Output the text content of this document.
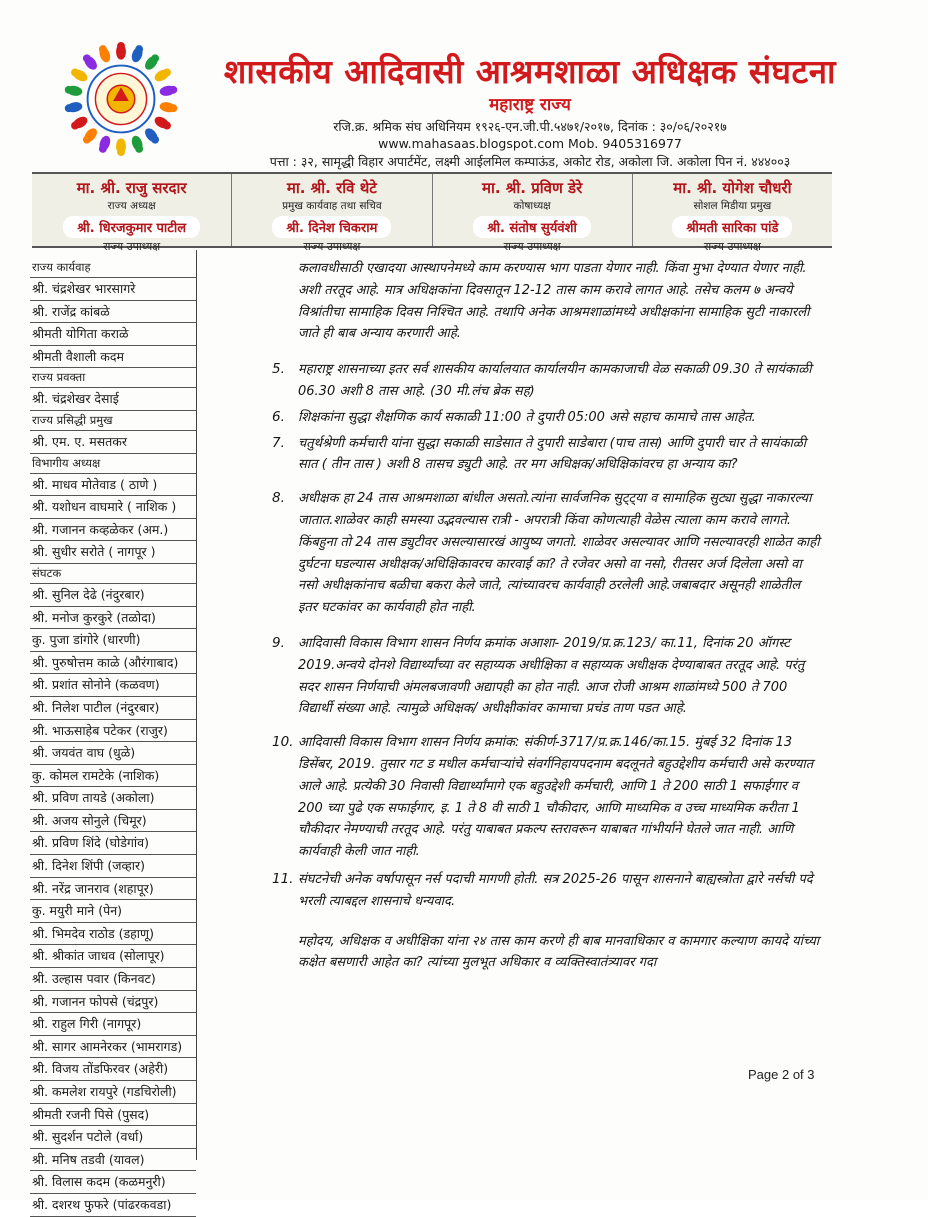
शासकीय आदिवासी आश्रमशाळा अधिक्षक संघटना
महाराष्ट्र राज्य
रजि.क्र. श्रमिक संघ अधिनियम १९२६-एन.जी.पी.५४७१/२०१७, दिनांक : ३०/०६/२०२१७
www.mahasaas.blogspot.com Mob. 9405316977
पत्ता : ३२, सामृद्धी विहार अपार्टमेंट, लक्ष्मी आईलमिल कम्पाऊंड, अकोट रोड, अकोला जि. अकोला पिन नं. ४४४००३
मा. श्री. राजु सरदार
राज्य अध्यक्ष
श्री. धिरजकुमार पाटील
राज्य उपाध्यक्ष
मा. श्री. रवि थेटे
प्रमुख कार्यवाह तथा सचिव
श्री. दिनेश चिकराम
राज्य उपाध्यक्ष
मा. श्री. प्रविण डेरे
कोषाध्यक्ष
श्री. संतोष सुर्यवंशी
राज्य उपाध्यक्ष
मा. श्री. योगेश चौधरी
सोशल मिडीया प्रमुख
श्रीमती सारिका पांडे
राज्य उपाध्यक्ष
राज्य कार्यवाह
श्री. चंद्रशेखर भारसागरे
श्री. राजेंद्र कांबळे
श्रीमती योगिता कराळे
श्रीमती वैशाली कदम
राज्य प्रवक्ता
श्री. चंद्रशेखर देसाई
राज्य प्रसिद्धी प्रमुख
श्री. एम. ए. मसतकर
विभागीय अध्यक्ष
श्री. माधव मोतेवाड ( ठाणे )
श्री. यशोधन वाघमारे ( नाशिक )
श्री. गजानन कव्हळेकर (अम.)
श्री. सुधीर सरोते ( नागपूर )
संघटक
श्री. सुनिल देढे (नंदुरबार)
श्री. मनोज कुरकुरे (तळोदा)
कु. पुजा डांगोरे (धारणी)
श्री. पुरुषोत्तम काळे (औरंगाबाद)
श्री. प्रशांत सोनोने (कळवण)
श्री. निलेश पाटील (नंदुरबार)
श्री. भाऊसाहेब पटेकर (राजुर)
श्री. जयवंत वाघ (धुळे)
कु. कोमल रामटेके (नाशिक)
श्री. प्रविण तायडे (अकोला)
श्री. अजय सोनुले (चिमूर)
श्री. प्रविण शिंदे (घोडेगांव)
श्री. दिनेश शिंपी (जव्हार)
श्री. नरेंद्र जानराव (शहापूर)
कु. मयुरी माने (पेन)
श्री. भिमदेव राठोड (डहाणू)
श्री. श्रीकांत जाधव (सोलापूर)
श्री. उल्हास पवार (किनवट)
श्री. गजानन फोपसे (चंद्रपुर)
श्री. राहुल गिरी (नागपूर)
श्री. सागर आमनेरकर (भामरागड)
श्री. विजय तोंडफिरवर (अहेरी)
श्री. कमलेश रायपुरे (गडचिरोली)
श्रीमती रजनी पिसे (पुसद)
श्री. सुदर्शन पटोले (वर्धा)
श्री. मनिष तडवी (यावल)
श्री. विलास कदम (कळमनुरी)
श्री. दशरथ फुफरे (पांढरकवडा)
कलावधीसाठी एखादया आस्थापनेमध्ये काम करण्यास भाग पाडता येणार नाही. किंवा मुभा देण्यात येणार नाही. अशी तरतूद आहे. मात्र अधिक्षकांना दिवसातून 12-12 तास काम करावे लागत आहे. तसेच कलम ७ अन्वये विश्रांतीचा सामाहिक दिवस निश्चित आहे. तथापि अनेक आश्रमशाळांमध्ये अधीक्षकांना सामाहिक सुटी नाकारली जाते ही बाब अन्याय करणारी आहे.
5. महाराष्ट्र शासनाच्या इतर सर्व शासकीय कार्यालयात कार्यालयीन कामकाजाची वेळ सकाळी 09.30 ते सायंकाळी 06.30 अशी 8 तास आहे. (30 मी.लंच ब्रेक सह)
6. शिक्षकांना सुद्धा शैक्षणिक कार्य सकाळी 11:00 ते दुपारी 05:00 असे सहाच कामाचे तास आहेत.
7. चतुर्थश्रेणी कर्मचारी यांना सुद्धा सकाळी साडेसात ते दुपारी साडेबारा (पाच तास) आणि दुपारी चार ते सायंकाळी सात ( तीन तास ) अशी 8 तासच ड्युटी आहे. तर मग अधिक्षक/अधिक्षिकांवरच हा अन्याय का?
8. अधीक्षक हा 24 तास आश्रमशाळा बांधील असतो.त्यांना सार्वजनिक सुट्ट्या व सामाहिक सुट्या सुद्धा नाकारल्या जातात.शाळेवर काही समस्या उद्भवल्यास रात्री - अपरात्री किंवा कोणत्याही वेळेस त्याला काम करावे लागते. किंबहुना तो 24 तास ड्युटीवर असल्यासारखं आयुष्य जगतो. शाळेवर असल्यावर आणि नसल्यावरही शाळेत काही दुर्घटना घडल्यास अधीक्षक/अधिक्षिकावरच कारवाई का? ते रजेवर असो वा नसो, रीतसर अर्ज दिलेला असो वा नसो अधीक्षकांनाच बळीचा बकरा केले जाते, त्यांच्यावरच कार्यवाही ठरलेली आहे.जबाबदार असूनही शाळेतील इतर घटकांवर का कार्यवाही होत नाही.
9. आदिवासी विकास विभाग शासन निर्णय क्रमांक अआशा- 2019/प्र.क्र.123/ का.11, दिनांक 20 ऑगस्ट 2019.अन्वये दोनशे विद्यार्थ्यांच्या वर सहाय्यक अधीक्षिका व सहाय्यक अधीक्षक देण्याबाबत तरतूद आहे. परंतु सदर शासन निर्णयाची अंमलबजावणी अद्यापही का होत नाही. आज रोजी आश्रम शाळांमध्ये 500 ते 700 विद्यार्थी संख्या आहे. त्यामुळे अधिक्षक/ अधीक्षीकांवर कामाचा प्रचंड ताण पडत आहे.
10. आदिवासी विकास विभाग शासन निर्णय क्रमांक: संकीर्ण-3717/प्र.क्र.146/का.15. मुंबई 32 दिनांक 13 डिसेंबर, 2019. तुसार गट ड मधील कर्मचाऱ्यांचे संवर्गनिहायपदनाम बदलूनते बहुउद्देशीय कर्मचारी असे करण्यात आले आहे. प्रत्येकी 30 निवासी विद्यार्थ्यांमागे एक बहुउद्देशी कर्मचारी, आणि 1 ते 200 साठी 1 सफाईगार व 200 च्या पुढे एक सफाईगार, इ. 1 ते 8 वी साठी 1 चौकीदार, आणि माध्यमिक व उच्च माध्यमिक करीता 1 चौकीदार नेमण्याची तरतूद आहे. परंतु याबाबत प्रकल्प स्तरावरून याबाबत गांभीर्याने घेतले जात नाही. आणि कार्यवाही केली जात नाही.
11. संघटनेची अनेक वर्षापासून नर्स पदाची मागणी होती. सत्र 2025-26 पासून शासनाने बाह्यस्त्रोता द्वारे नर्सची पदे भरली त्याबद्दल शासनाचे धन्यवाद.
महोदय, अधिक्षक व अधीक्षिका यांना २४ तास काम करणे ही बाब मानवाधिकार व कामगार कल्याण कायदे यांच्या कक्षेत बसणारी आहेत का? त्यांच्या मुलभूत अधिकार व व्यक्तिस्वातंत्र्यावर गदा
Page 2 of 3
